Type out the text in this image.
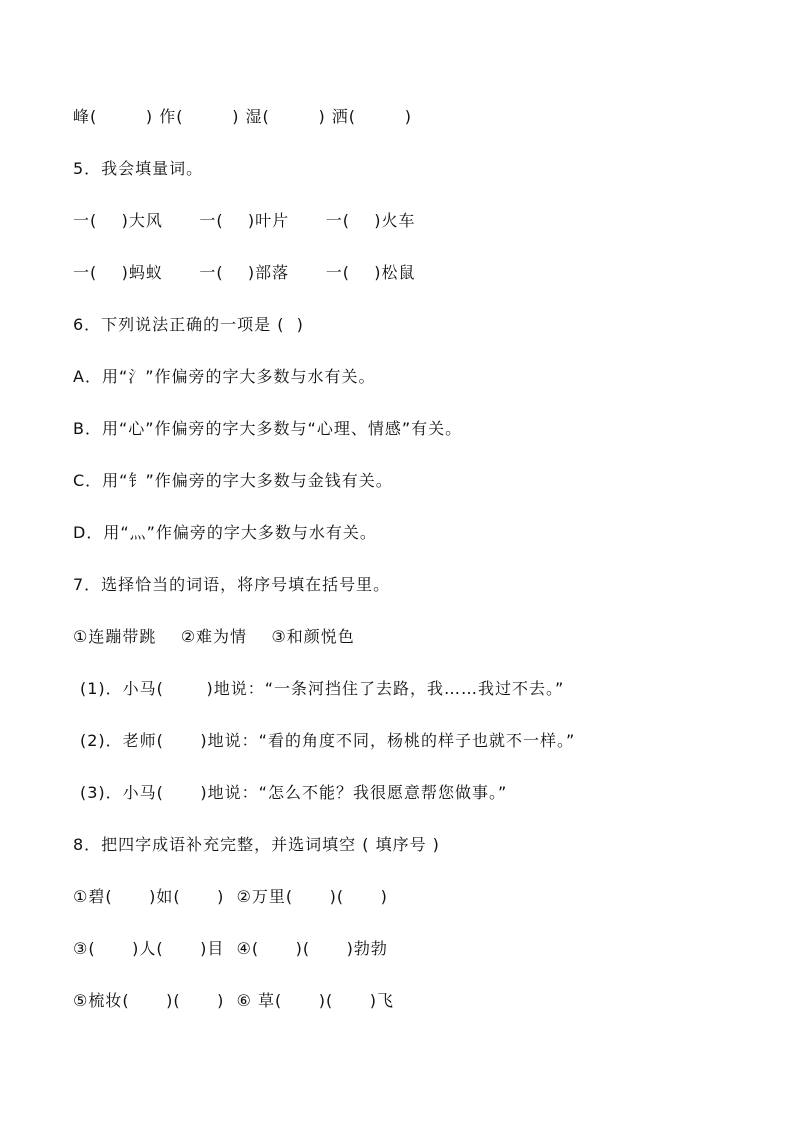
峰(        ) 作(        ) 湿(        ) 洒(        )
5．我会填量词。
一(    )大风      一(    )叶片      一(    )火车
一(    )蚂蚁      一(    )部落      一(    )松鼠
6．下列说法正确的一项是 (  )
A．用“氵”作偏旁的字大多数与水有关。
B．用“心”作偏旁的字大多数与“心理、情感”有关。
C．用“钅”作偏旁的字大多数与金钱有关。
D．用“灬”作偏旁的字大多数与水有关。
7．选择恰当的词语，将序号填在括号里。
①连蹦带跳    ②难为情    ③和颜悦色
(1)．小马(       )地说：“一条河挡住了去路，我……我过不去。”
(2)．老师(      )地说：“看的角度不同，杨桃的样子也就不一样。”
(3)．小马(      )地说：“怎么不能？我很愿意帮您做事。”
8．把四字成语补充完整，并选词填空 ( 填序号 )
①碧(      )如(      )  ②万里(      )(      )
③(      )人(      )目  ④(      )(      )勃勃
⑤梳妆(      )(      )  ⑥ 草(      )(      )飞
